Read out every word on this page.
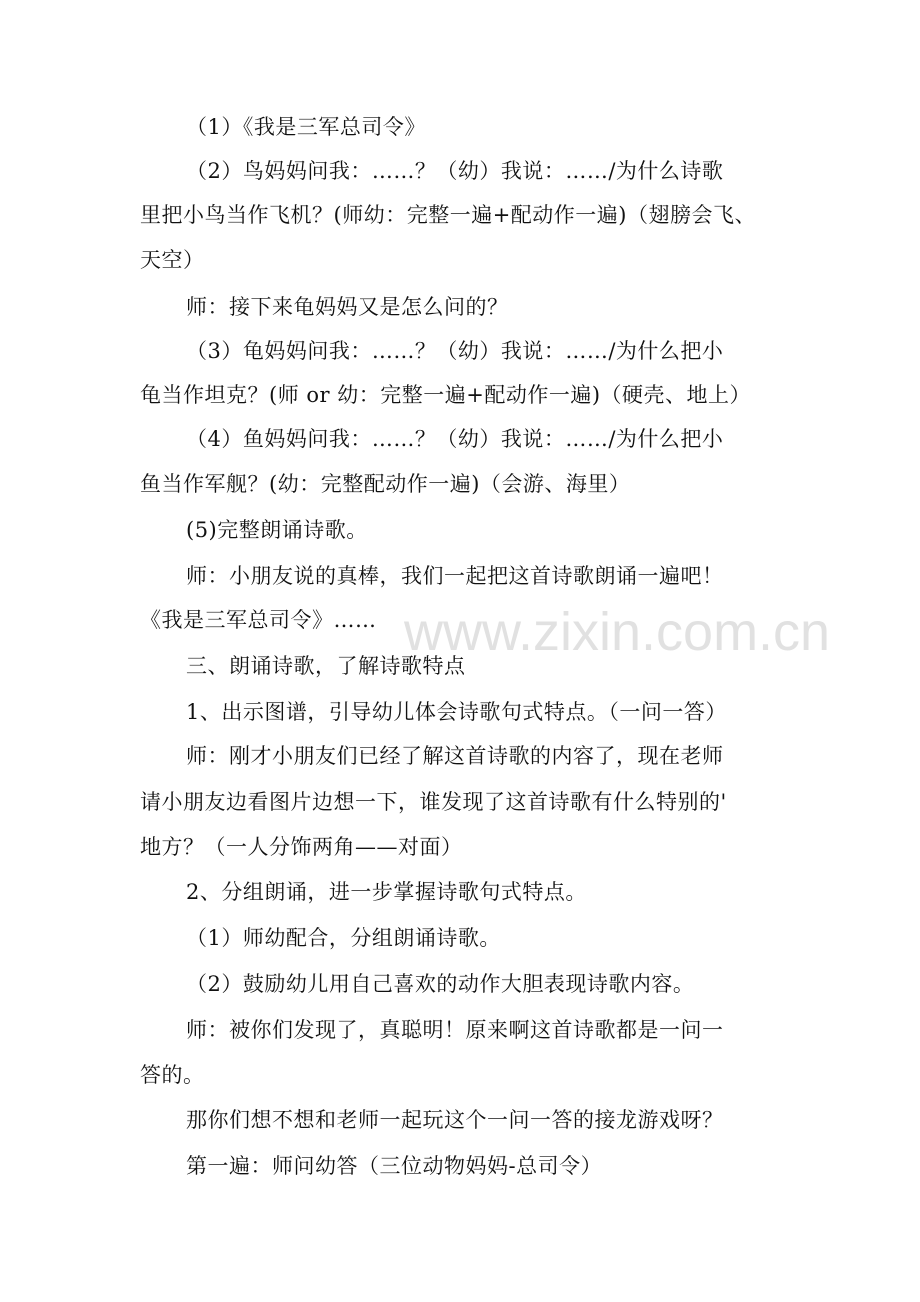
（1）《我是三军总司令》
（2）鸟妈妈问我：……？（幼）我说：……/为什么诗歌
里把小鸟当作飞机？(师幼：完整一遍+配动作一遍)（翅膀会飞、
天空）
师：接下来龟妈妈又是怎么问的？
（3）龟妈妈问我：……？（幼）我说：……/为什么把小
龟当作坦克？(师 or 幼：完整一遍+配动作一遍)（硬壳、地上）
（4）鱼妈妈问我：……？（幼）我说：……/为什么把小
鱼当作军舰？(幼：完整配动作一遍)（会游、海里）
(5)完整朗诵诗歌。
师：小朋友说的真棒，我们一起把这首诗歌朗诵一遍吧！
《我是三军总司令》……
三、朗诵诗歌，了解诗歌特点
1、出示图谱，引导幼儿体会诗歌句式特点。（一问一答）
师：刚才小朋友们已经了解这首诗歌的内容了，现在老师
请小朋友边看图片边想一下，谁发现了这首诗歌有什么特别的'
地方？（一人分饰两角——对面）
2、分组朗诵，进一步掌握诗歌句式特点。
（1）师幼配合，分组朗诵诗歌。
（2）鼓励幼儿用自己喜欢的动作大胆表现诗歌内容。
师：被你们发现了，真聪明！原来啊这首诗歌都是一问一
答的。
那你们想不想和老师一起玩这个一问一答的接龙游戏呀？
第一遍：师问幼答（三位动物妈妈-总司令）
www.zixin.com.cn
